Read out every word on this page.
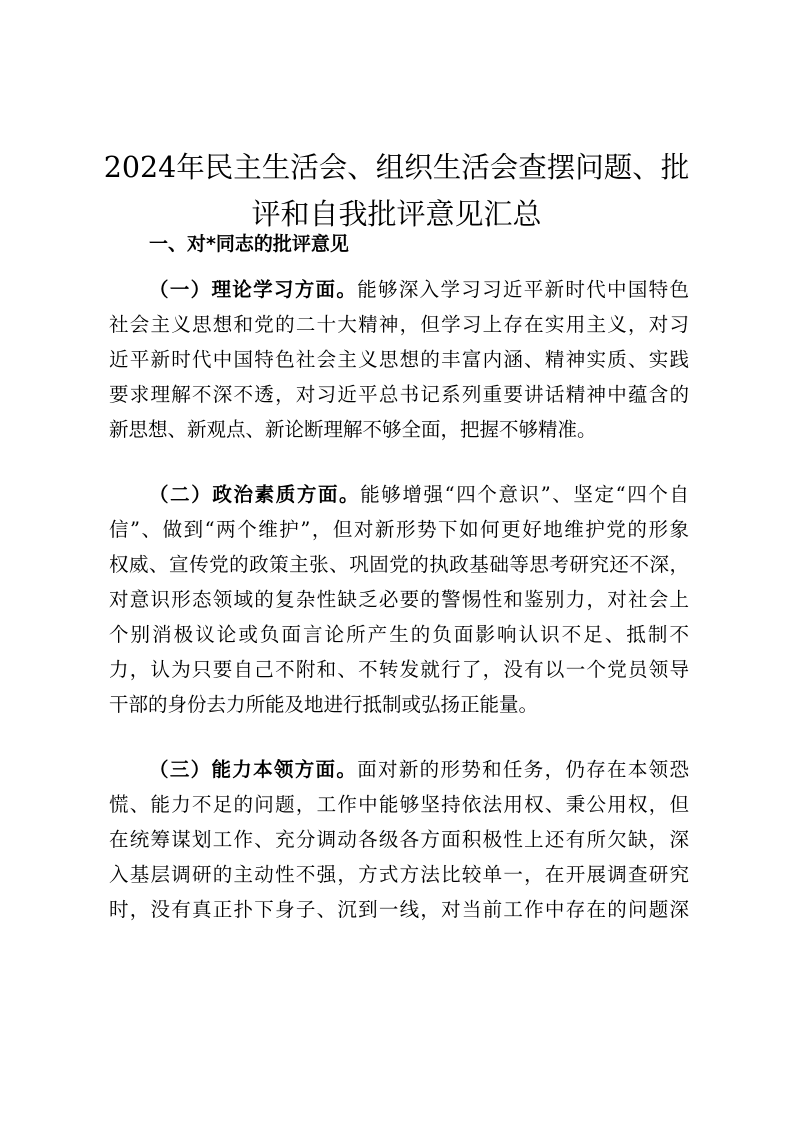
2024年民主生活会、组织生活会查摆问题、批
评和自我批评意见汇总
一、对*同志的批评意见
（一）理论学习方面。能够深入学习习近平新时代中国特色
社会主义思想和党的二十大精神，但学习上存在实用主义，对习
近平新时代中国特色社会主义思想的丰富内涵、精神实质、实践
要求理解不深不透，对习近平总书记系列重要讲话精神中蕴含的
新思想、新观点、新论断理解不够全面，把握不够精准。
（二）政治素质方面。能够增强“四个意识”、坚定“四个自
信”、做到“两个维护”，但对新形势下如何更好地维护党的形象
权威、宣传党的政策主张、巩固党的执政基础等思考研究还不深，
对意识形态领域的复杂性缺乏必要的警惕性和鉴别力，对社会上
个别消极议论或负面言论所产生的负面影响认识不足、抵制不
力，认为只要自己不附和、不转发就行了，没有以一个党员领导
干部的身份去力所能及地进行抵制或弘扬正能量。
（三）能力本领方面。面对新的形势和任务，仍存在本领恐
慌、能力不足的问题，工作中能够坚持依法用权、秉公用权，但
在统筹谋划工作、充分调动各级各方面积极性上还有所欠缺，深
入基层调研的主动性不强，方式方法比较单一，在开展调查研究
时，没有真正扑下身子、沉到一线，对当前工作中存在的问题深
